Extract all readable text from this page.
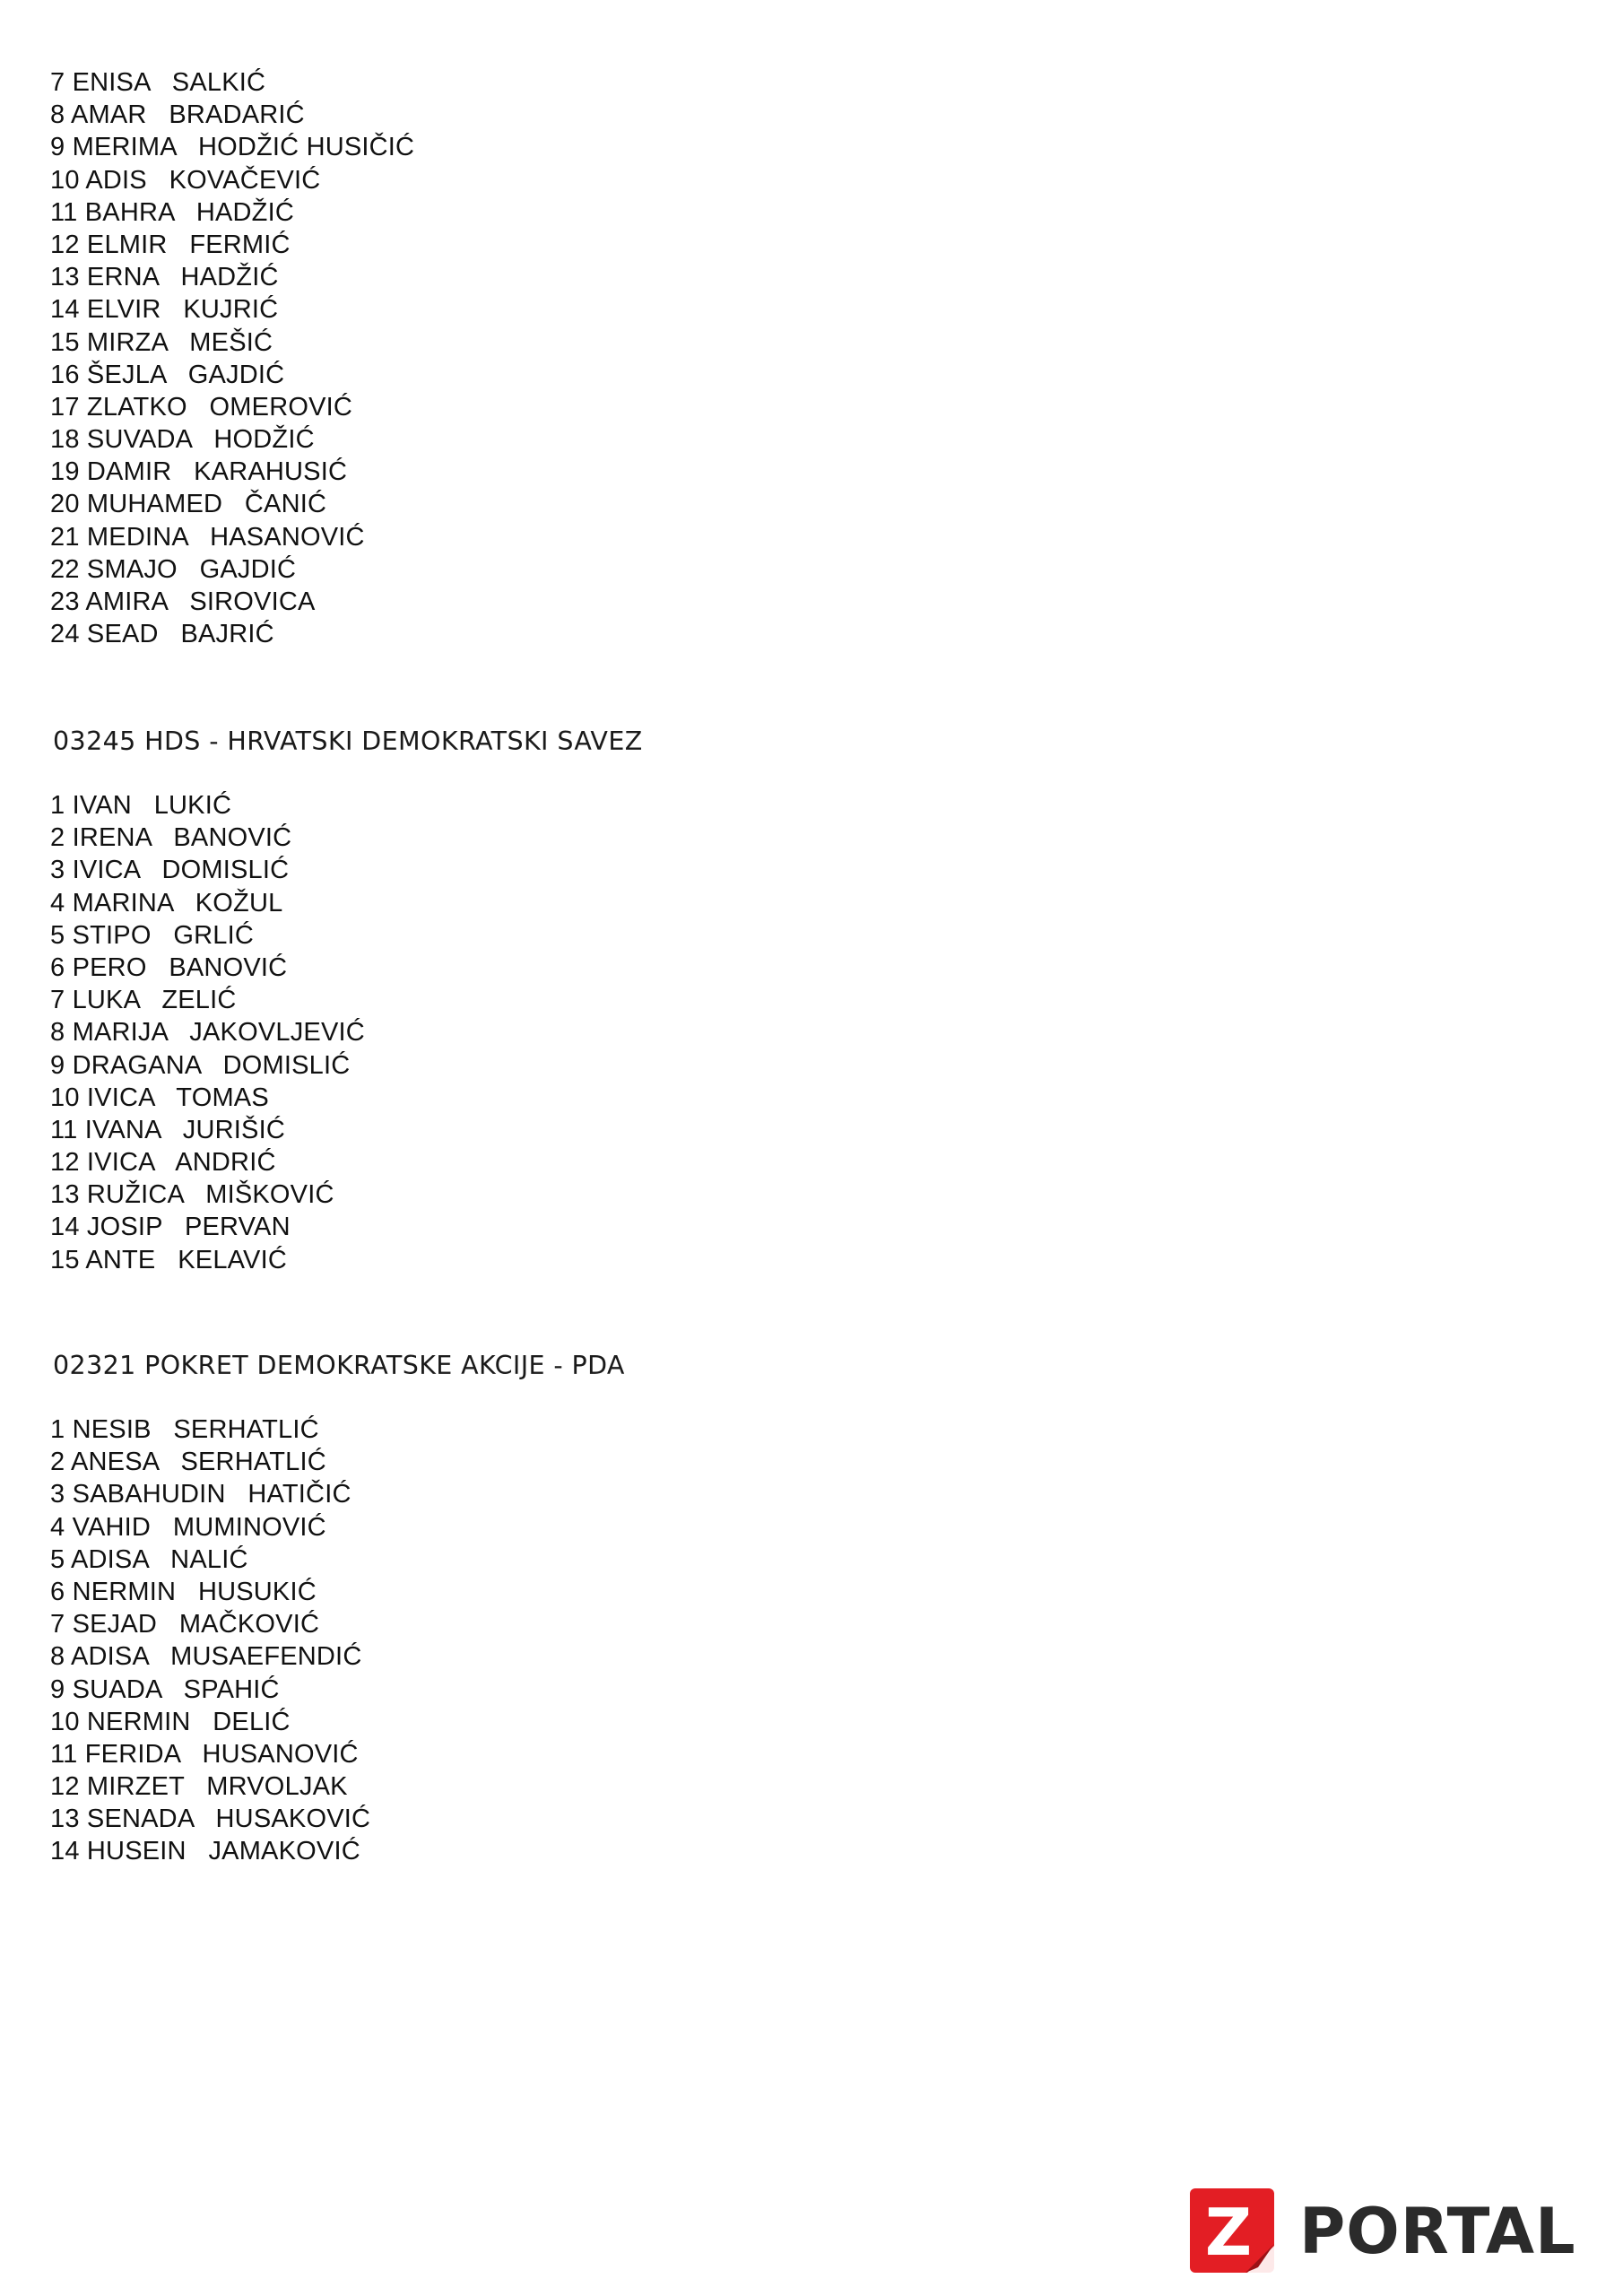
7 ENISA   SALKIĆ
8 AMAR   BRADARIĆ
9 MERIMA   HODŽIĆ HUSIČIĆ
10 ADIS   KOVAČEVIĆ
11 BAHRA   HADŽIĆ
12 ELMIR   FERMIĆ
13 ERNA   HADŽIĆ
14 ELVIR   KUJRIĆ
15 MIRZA   MEŠIĆ
16 ŠEJLA   GAJDIĆ
17 ZLATKO   OMEROVIĆ
18 SUVADA   HODŽIĆ
19 DAMIR   KARAHUSIĆ
20 MUHAMED   ČANIĆ
21 MEDINA   HASANOVIĆ
22 SMAJO   GAJDIĆ
23 AMIRA   SIROVICA
24 SEAD   BAJRIĆ
03245 HDS - HRVATSKI DEMOKRATSKI SAVEZ
1 IVAN   LUKIĆ
2 IRENA   BANOVIĆ
3 IVICA   DOMISLIĆ
4 MARINA   KOŽUL
5 STIPO   GRLIĆ
6 PERO   BANOVIĆ
7 LUKA   ZELIĆ
8 MARIJA   JAKOVLJEVIĆ
9 DRAGANA   DOMISLIĆ
10 IVICA   TOMAS
11 IVANA   JURIŠIĆ
12 IVICA   ANDRIĆ
13 RUŽICA   MIŠKOVIĆ
14 JOSIP   PERVAN
15 ANTE   KELAVIĆ
02321 POKRET DEMOKRATSKE AKCIJE - PDA
1 NESIB   SERHATLIĆ
2 ANESA   SERHATLIĆ
3 SABAHUDIN   HATIČIĆ
4 VAHID   MUMINOVIĆ
5 ADISA   NALIĆ
6 NERMIN   HUSUKIĆ
7 SEJAD   MAČKOVIĆ
8 ADISA   MUSAEFENDIĆ
9 SUADA   SPAHIĆ
10 NERMIN   DELIĆ
11 FERIDA   HUSANOVIĆ
12 MIRZET   MRVOLJAK
13 SENADA   HUSAKOVIĆ
14 HUSEIN   JAMAKOVIĆ
Z PORTAL
